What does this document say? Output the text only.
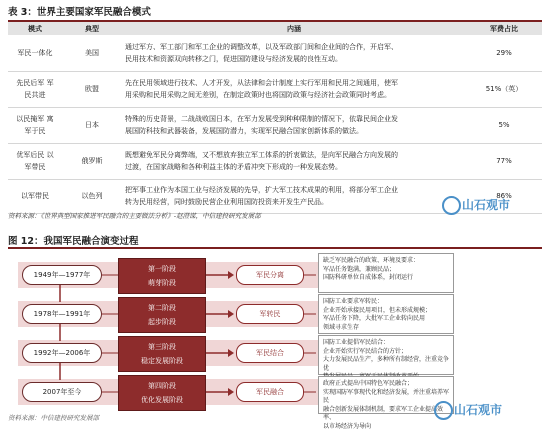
表 3：世界主要国家军民融合模式
模式	典型	内涵	军费占比
军民一体化	美国	通过军方、军工部门和军工企业的调整改革，以及军政部门间和企业间的合作，开启军、
民用技术和资源双向转移之门，促进国防建设与经济发展的良性互动。	29%

先民后军 军民共进	欧盟	先在民用领域进行技术、人才开发，从法律和会计制度上实行军用和民用之间通用，使军
用采购和民用采购之间无差别，在制定政策时也将国防政策与经济社会政策同时考虑。	51%（英）

以民掩军 寓军于民	日本	特殊的历史背景，二战战败国日本，在军力发展受到种种限制的情况下，依靠民间企业发
展国防科技和武器装备，发展国防潜力，实现军民融合国家创新体系的做法。	5%

优军后民 以军带民	俄罗斯	既想避免军民分离弊端，又不想放弃独立军工体系的折衷做法，是向军民融合方向发展的
过渡，在国家战略和各种利益主体的矛盾冲突下形成的一种发展态势。	77%
以军带民	以色列	把军事工业作为本国工业与经济发展的先导，扩大军工技术成果的利用，将部分军工企业
转为民用经营，同时鼓励民营企业利用国防投资来开发生产民品。	86%
资料来源：《世界典型国家推进军民融合的主要做法分析》-赵澄谋，中信建投研究发展部
山石观市
图 12：我国军民融合演变过程
1949年—1977年
第一阶段
萌芽阶段
军民分离
缺乏军民融合的政策、环境及要求：
军品任务饱满，兼顾民品；
国防科研单位自成体系，封闭运行
1978年—1991年
第二阶段
起步阶段
军转民
国防工业要求军转民：
企业开始承接民用项目，但未形成规模；
军品任务下降，大批军工企业转向民用
领域寻求生存
1992年—2006年
第三阶段
稳定发展阶段
军民结合
国防工业提倡军民结合：
企业开始实行军民结合的方针；
大力发展民品生产，多种所有制经营，注重竞争优
2007年至今
第四阶段
优化发展阶段
军民融合
政府正式提出中国特色军民融合；
实现国防军事现代化和经济发展，并注重培养军民
融合创新发展体制机制，要求军工企业提高效率、
以市场经济为导向
山石观市
资料来源：中信建投研究发展部
